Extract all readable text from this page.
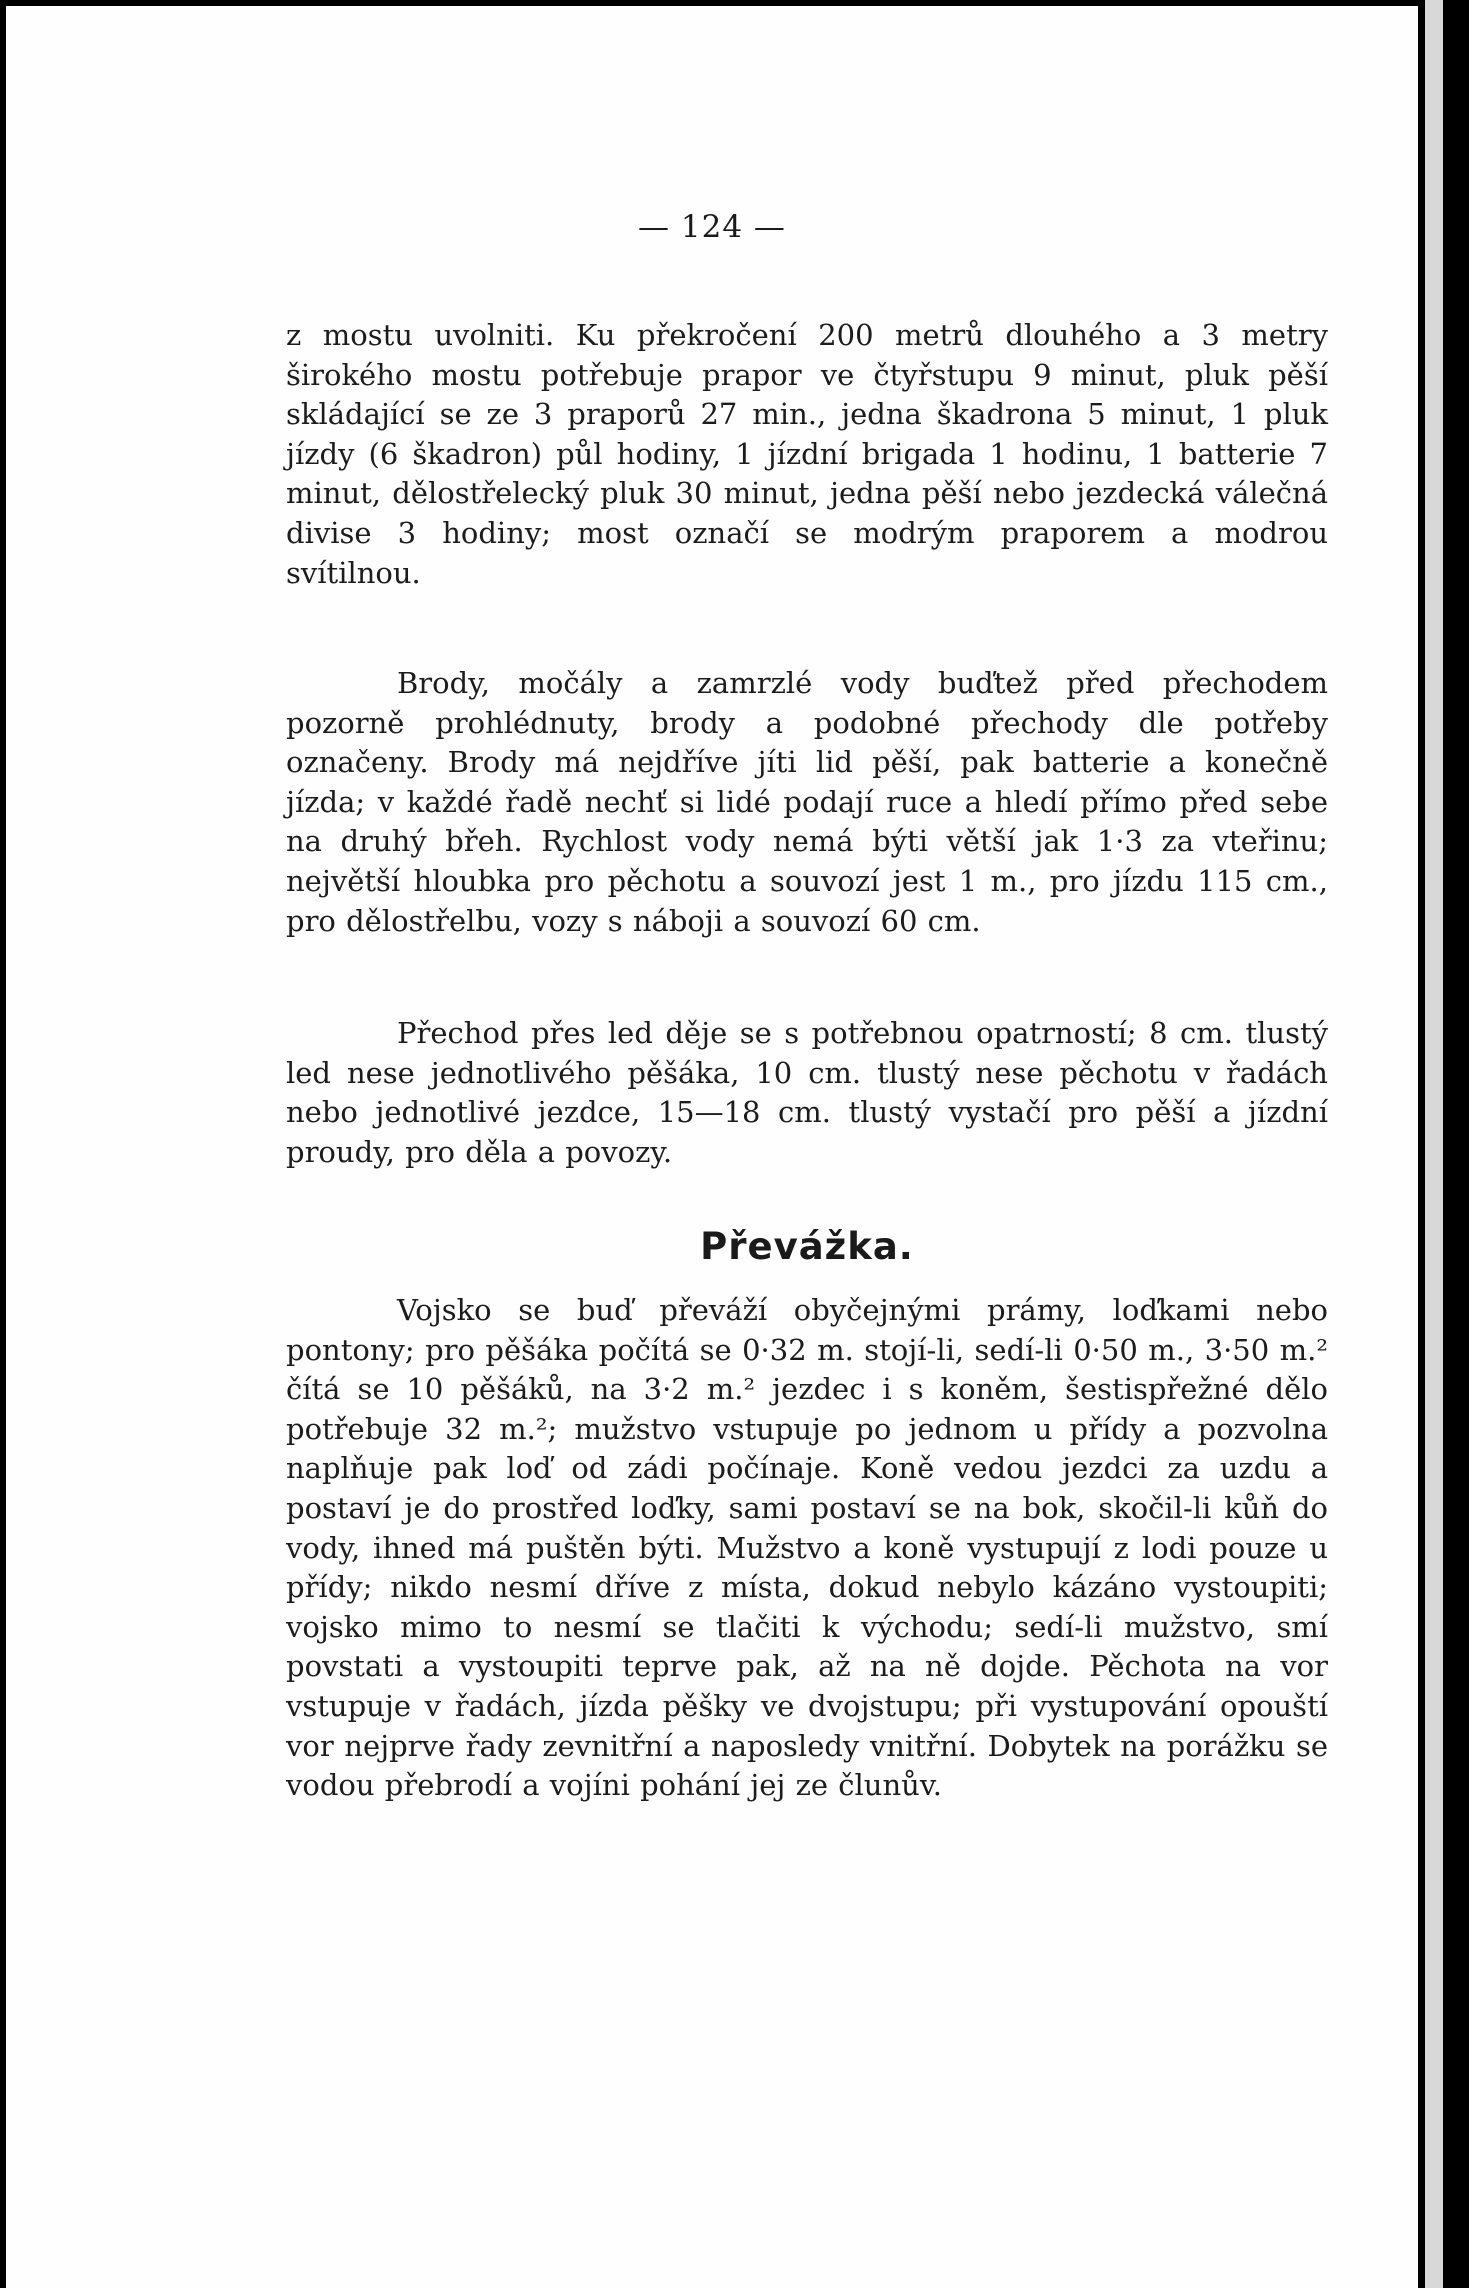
— 124 —
z mostu uvolniti. Ku překročení 200 metrů dlouhého a 3 metry širokého mostu potřebuje prapor ve čtyřstupu 9 minut, pluk pěší skládající se ze 3 praporů 27 min., jedna škadrona 5 minut, 1 pluk jízdy (6 škadron) půl hodiny, 1 jízdní brigada 1 hodinu, 1 batterie 7 minut, dělostřelecký pluk 30 minut, jedna pěší nebo jezdecká válečná divise 3 hodiny; most označí se modrým praporem a modrou svítilnou.
Brody, močály a zamrzlé vody buďtež před přechodem pozorně prohlédnuty, brody a podobné přechody dle potřeby označeny. Brody má nejdříve jíti lid pěší, pak batterie a konečně jízda; v každé řadě nechť si lidé podají ruce a hledí přímo před sebe na druhý břeh. Rychlost vody nemá býti větší jak 1·3 za vteřinu; největší hloubka pro pěchotu a souvozí jest 1 m., pro jízdu 115 cm., pro dělostřelbu, vozy s náboji a souvozí 60 cm.
Přechod přes led děje se s potřebnou opatrností; 8 cm. tlustý led nese jednotlivého pěšáka, 10 cm. tlustý nese pěchotu v řadách nebo jednotlivé jezdce, 15—18 cm. tlustý vystačí pro pěší a jízdní proudy, pro děla a povozy.
Převážka.
Vojsko se buď převáží obyčejnými prámy, loďkami nebo pontony; pro pěšáka počítá se 0·32 m. stojí-li, sedí-li 0·50 m., 3·50 m.² čítá se 10 pěšáků, na 3·2 m.² jezdec i s koněm, šestispřežné dělo potřebuje 32 m.²; mužstvo vstupuje po jednom u přídy a pozvolna naplňuje pak loď od zádi počínaje. Koně vedou jezdci za uzdu a postaví je do prostřed loďky, sami postaví se na bok, skočil-li kůň do vody, ihned má puštěn býti. Mužstvo a koně vystupují z lodi pouze u přídy; nikdo nesmí dříve z místa, dokud nebylo kázáno vystoupiti; vojsko mimo to nesmí se tlačiti k východu; sedí-li mužstvo, smí povstati a vystoupiti teprve pak, až na ně dojde. Pěchota na vor vstupuje v řadách, jízda pěšky ve dvojstupu; při vystupování opouští vor nejprve řady zevnitřní a naposledy vnitřní. Dobytek na porážku se vodou přebrodí a vojíni pohání jej ze člunův.
